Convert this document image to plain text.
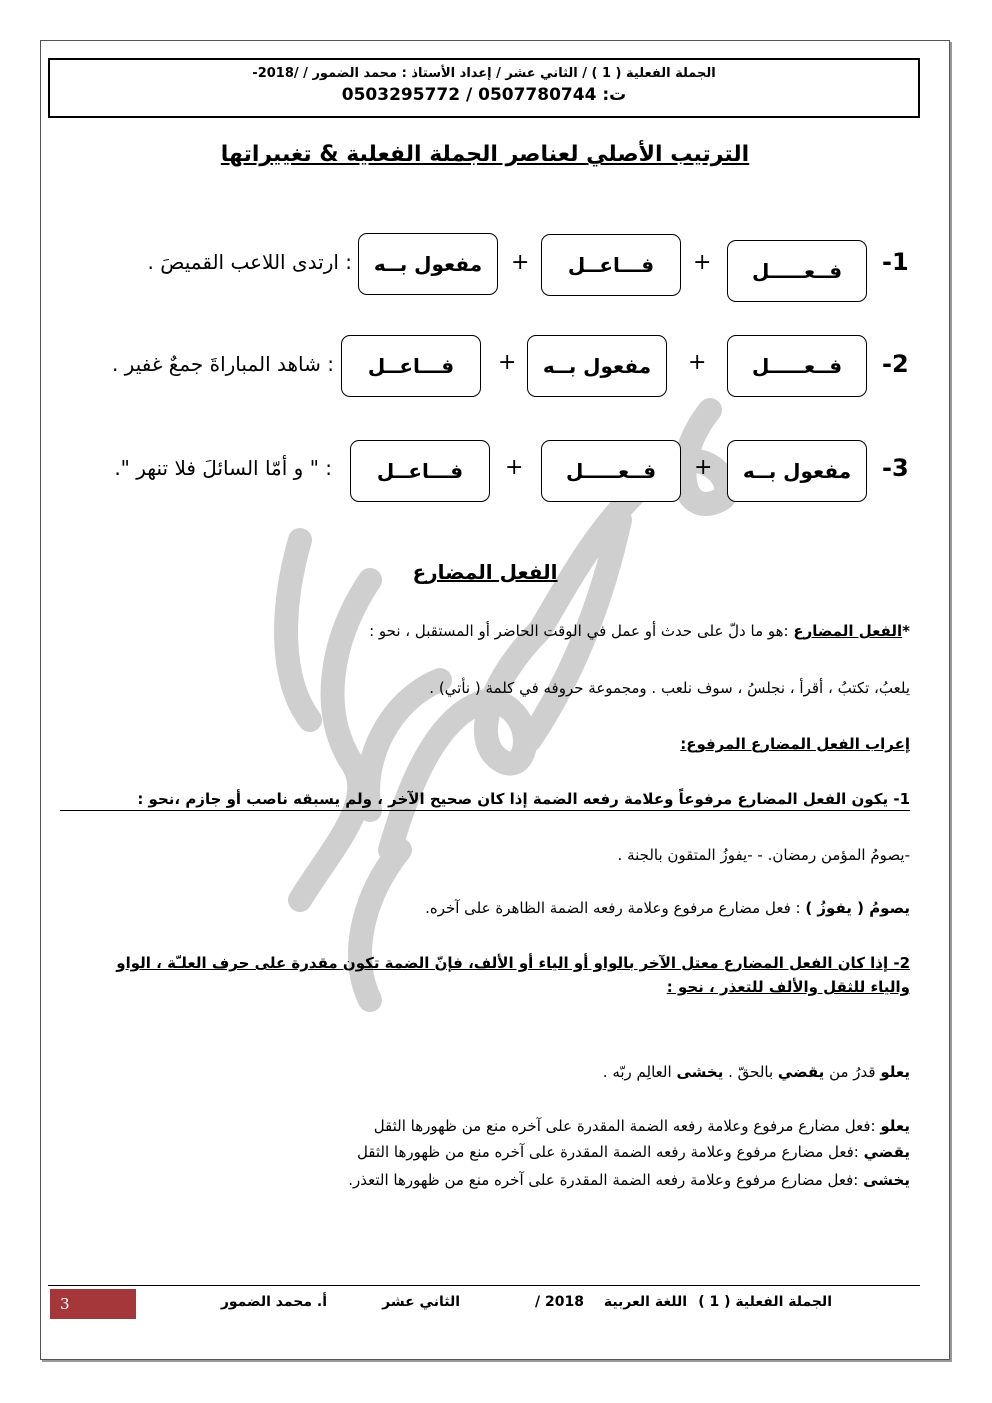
الجملة الفعلية ( 1 ) / الثاني عشر / إعداد الأستاذ : محمد الضمور / /2018-
ت: 0507780744 / 0503295772
الترتيب الأصلي لعناصر الجملة الفعلية & تغييراتها
-1
فــعـــــل
+
فـــاعــل
+
مفعول بــه
: ارتدى اللاعب القميصَ .
-2
فــعـــــل
+
مفعول بــه
+
فـــاعــل
: شاهد المباراةَ جمعٌ غفير .
-3
مفعول بــه
+
فــعـــــل
+
فـــاعــل
: " و أمّا السائلَ فلا تنهر ".
الفعل المضارع
*الفعل المضارع :هو ما دلّ على حدث أو عمل في الوقت الحاضر أو المستقبل ، نحو :
يلعبُ، تكتبُ ، أقرأ ، نجلسُ ، سوف نلعب . ومجموعة حروفه في كلمة ( نأتي) .
إعراب الفعل المضارع المرفوع:
1- يكون الفعل المضارع مرفوعاً وعلامة رفعه الضمة إذا كان صحيح الآخر ، ولم يسبقه ناصب أو جازم ،نحو :
-يصومُ المؤمن رمضان. - -يفوزُ المتقون بالجنة .
يصومُ ( يفوزُ ) : فعل مضارع مرفوع وعلامة رفعه الضمة الظاهرة على آخره.
2- إذا كان الفعل المضارع معتل الآخر بالواو أو الياء أو الألف، فإنّ الضمة تكون مقدرة على حرف العلـّة ، الواو
والياء للثقل والألف للتعذر ، نحو :
يعلو قدرُ من يقضي بالحقّ . يخشى العالِم ربّه .
يعلو :فعل مضارع مرفوع وعلامة رفعه الضمة المقدرة على آخره منع من ظهورها الثقل
يقضي :فعل مضارع مرفوع وعلامة رفعه الضمة المقدرة على آخره منع من ظهورها الثقل
يخشى :فعل مضارع مرفوع وعلامة رفعه الضمة المقدرة على آخره منع من ظهورها التعذر.
3	الجملة الفعلية ( 1 )
اللغة العربية
2018 /
الثاني عشر
أ. محمد الضمور
